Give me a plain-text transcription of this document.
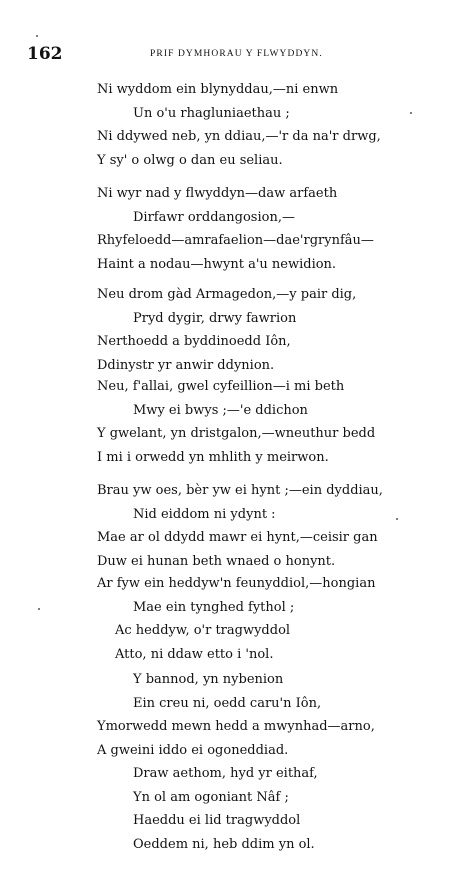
162	PRIF DYMHORAU Y FLWYDDYN.
Ni wyddom ein blynyddau,—ni enwn
Un o'u rhagluniaethau ;
Ni ddywed neb, yn ddiau,—'r da na'r drwg,
Y sy' o olwg o dan eu seliau.
Ni wyr nad y flwyddyn—daw arfaeth
Dirfawr orddangosion,—
Rhyfeloedd—amrafaelion—dae'rgrynfâu—
Haint a nodau—hwynt a'u newidion.
Neu drom gàd Armagedon,—y pair dig,
Pryd dygir, drwy fawrion
Nerthoedd a byddinoedd Iôn,
Ddinystr yr anwir ddynion.
Neu, f'allai, gwel cyfeillion—i mi beth
Mwy ei bwys ;—'e ddichon
Y gwelant, yn dristgalon,—wneuthur bedd
I mi i orwedd yn mhlith y meirwon.
Brau yw oes, bèr yw ei hynt ;—ein dyddiau,
Nid eiddom ni ydynt :
Mae ar ol ddydd mawr ei hynt,—ceisir gan
Duw ei hunan beth wnaed o honynt.
Ar fyw ein heddyw'n feunyddiol,—hongian
Mae ein tynghed fythol ;
Ac heddyw, o'r tragwyddol
Atto, ni ddaw etto i 'nol.
Y bannod, yn nybenion
Ein creu ni, oedd caru'n Iôn,
Ymorwedd mewn hedd a mwynhad—arno,
A gweini iddo ei ogoneddiad.
Draw aethom, hyd yr eithaf,
Yn ol am ogoniant Nâf ;
Haeddu ei lid tragwyddol
Oeddem ni, heb ddim yn ol.
